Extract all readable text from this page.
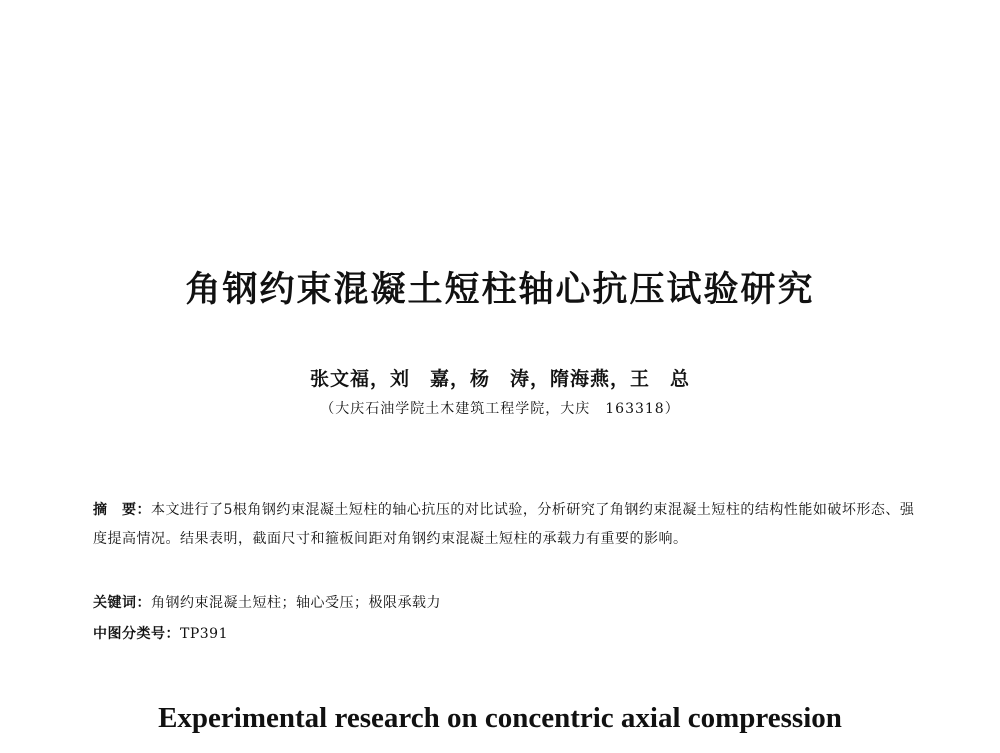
角钢约束混凝土短柱轴心抗压试验研究
张文福，刘　嘉，杨　涛，隋海燕，王　总
（大庆石油学院土木建筑工程学院，大庆　163318）
摘　要：本文进行了5根角钢约束混凝土短柱的轴心抗压的对比试验，分析研究了角钢约束混凝土短柱的结构性能如破坏形态、强度提高情况。结果表明，截面尺寸和箍板间距对角钢约束混凝土短柱的承载力有重要的影响。
关键词：角钢约束混凝土短柱；轴心受压；极限承载力
中图分类号：TP391
Experimental research on concentric axial compression
